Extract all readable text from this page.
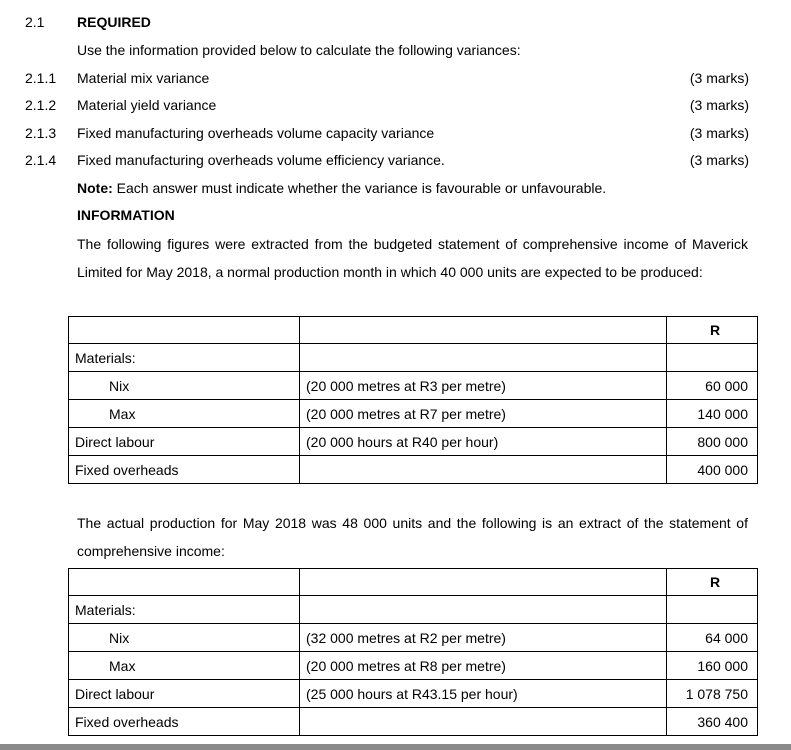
2.1 REQUIRED
Use the information provided below to calculate the following variances:
2.1.1 Material mix variance	(3 marks)
2.1.2 Material yield variance	(3 marks)
2.1.3 Fixed manufacturing overheads volume capacity variance	(3 marks)
2.1.4 Fixed manufacturing overheads volume efficiency variance.	(3 marks)
Note: Each answer must indicate whether the variance is favourable or unfavourable.
INFORMATION
The following figures were extracted from the budgeted statement of comprehensive income of Maverick Limited for May 2018, a normal production month in which 40 000 units are expected to be produced:
		R
Materials:		
Nix	(20 000 metres at R3 per metre)	60 000
Max	(20 000 metres at R7 per metre)	140 000
Direct labour	(20 000 hours at R40 per hour)	800 000
Fixed overheads		400 000
The actual production for May 2018 was 48 000 units and the following is an extract of the statement of comprehensive income:
		R
Materials:		
Nix	(32 000 metres at R2 per metre)	64 000
Max	(20 000 metres at R8 per metre)	160 000
Direct labour	(25 000 hours at R43.15 per hour)	1 078 750
Fixed overheads		360 400
